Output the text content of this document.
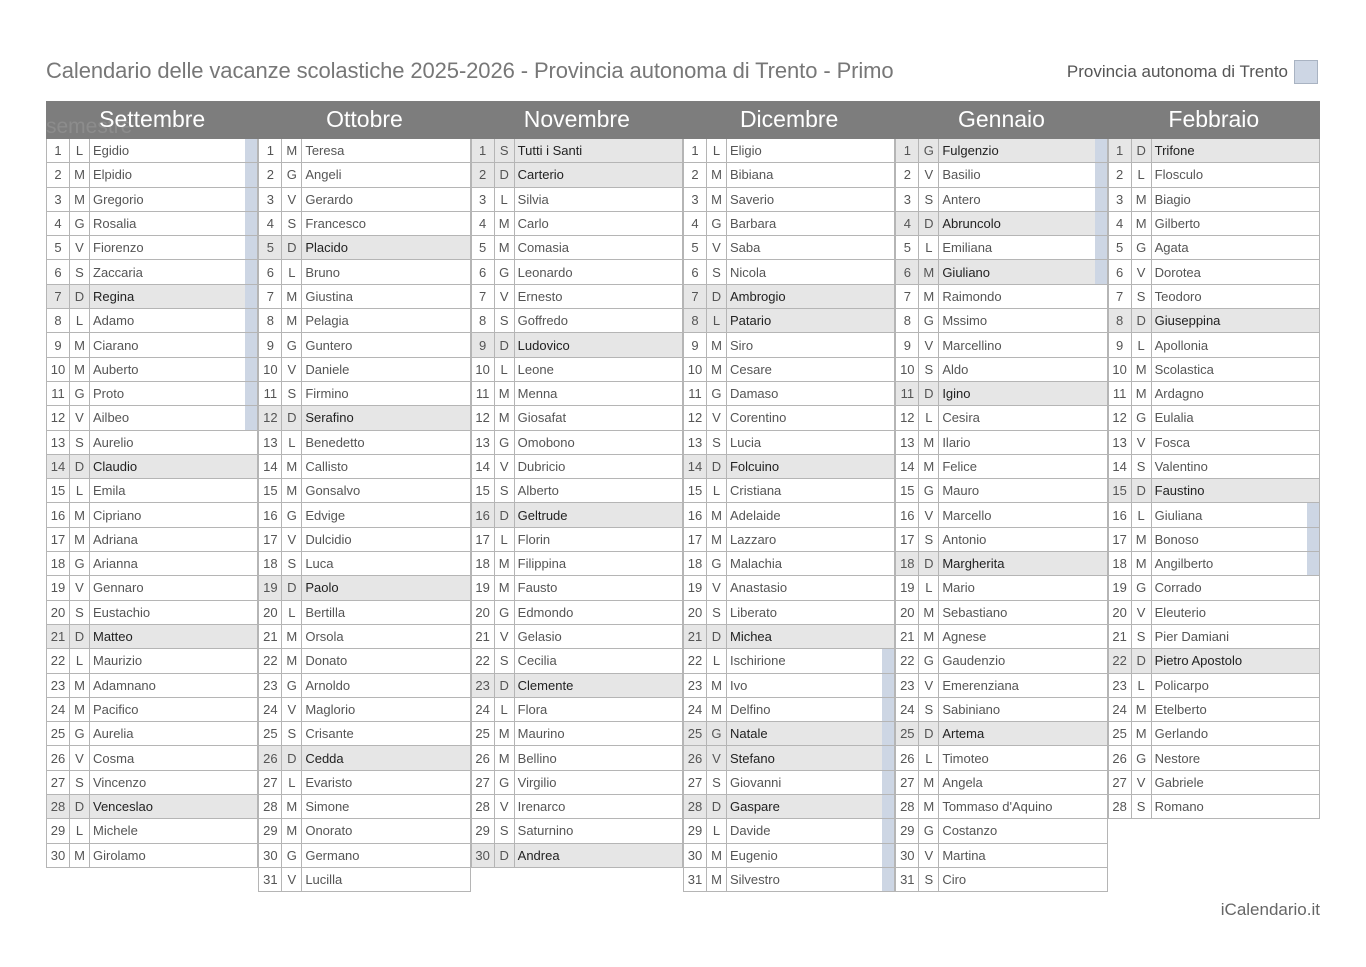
Calendario delle vacanze scolastiche 2025-2026 - Provincia autonoma di Trento - Primo	Provincia autonoma di Trento
semestre
Settembre
1	L Egidio
2 M Elpidio
3 M Gregorio
4 G Rosalia
5	V Fiorenzo
6	S Zaccaria
7	D Regina
8	L Adamo
9 M Ciarano
10 M Auberto
11 G Proto
12 V Ailbeo
13 S Aurelio
14 D Claudio
15 L Emila
16 M Cipriano
17 M Adriana
18 G Arianna
19 V Gennaro
20 S Eustachio
21 D Matteo
22 L Maurizio
23 M Adamnano
24 M Pacifico
25 G Aurelia
26 V Cosma
27 S Vincenzo
28 D Venceslao
29 L Michele
30 M Girolamo
Ottobre
1 M Teresa
2 G Angeli
3	V Gerardo
4	S Francesco
5	D Placido
6	L Bruno
7 M Giustina
8 M Pelagia
9 G Guntero
10 V Daniele
11 S Firmino
12 D Serafino
13 L Benedetto
14 M Callisto
15 M Gonsalvo
16 G Edvige
17 V Dulcidio
18 S Luca
19 D Paolo
20 L Bertilla
21 M Orsola
22 M Donato
23 G Arnoldo
24 V Maglorio
25 S Crisante
26 D Cedda
27 L Evaristo
28 M Simone
29 M Onorato
30 G Germano
31 V Lucilla
Novembre
1	S Tutti i Santi
2	D Carterio
3	L Silvia
4 M Carlo
5 M Comasia
6 G Leonardo
7	V Ernesto
8	S Goffredo
9	D Ludovico
10 L Leone
11 M Menna
12 M Giosafat
13 G Omobono
14 V Dubricio
15 S Alberto
16 D Geltrude
17 L Florin
18 M Filippina
19 M Fausto
20 G Edmondo
21 V Gelasio
22 S Cecilia
23 D Clemente
24 L Flora
25 M Maurino
26 M Bellino
27 G Virgilio
28 V Irenarco
29 S Saturnino
30 D Andrea
Dicembre
1	L Eligio
2 M Bibiana
3 M Saverio
4 G Barbara
5	V Saba
6	S Nicola
7	D Ambrogio
8	L Patario
9 M Siro
10 M Cesare
11 G Damaso
12 V Corentino
13 S Lucia
14 D Folcuino
15 L Cristiana
16 M Adelaide
17 M Lazzaro
18 G Malachia
19 V Anastasio
20 S Liberato
21 D Michea
22 L Ischirione
23 M Ivo
24 M Delfino
25 G Natale
26 V Stefano
27 S Giovanni
28 D Gaspare
29 L Davide
30 M Eugenio
31 M Silvestro
Gennaio
1 G Fulgenzio
2	V Basilio
3	S Antero
4	D Abruncolo
5	L Emiliana
6 M Giuliano
7 M Raimondo
8 G Mssimo
9	V Marcellino
10 S Aldo
11 D Igino
12 L Cesira
13 M Ilario
14 M Felice
15 G Mauro
16 V Marcello
17 S Antonio
18 D Margherita
19 L Mario
20 M Sebastiano
21 M Agnese
22 G Gaudenzio
23 V Emerenziana
24 S Sabiniano
25 D Artema
26 L Timoteo
27 M Angela
28 M Tommaso d'Aquino
29 G Costanzo
30 V Martina
31 S Ciro
Febbraio
1	D Trifone
2	L Flosculo
3 M Biagio
4 M Gilberto
5 G Agata
6	V Dorotea
7	S Teodoro
8	D Giuseppina
9	L Apollonia
10 M Scolastica
11 M Ardagno
12 G Eulalia
13 V Fosca
14 S Valentino
15 D Faustino
16 L Giuliana
17 M Bonoso
18 M Angilberto
19 G Corrado
20 V Eleuterio
21 S Pier Damiani
22 D Pietro Apostolo
23 L Policarpo
24 M Etelberto
25 M Gerlando
26 G Nestore
27 V Gabriele
28 S Romano
iCalendario.it
